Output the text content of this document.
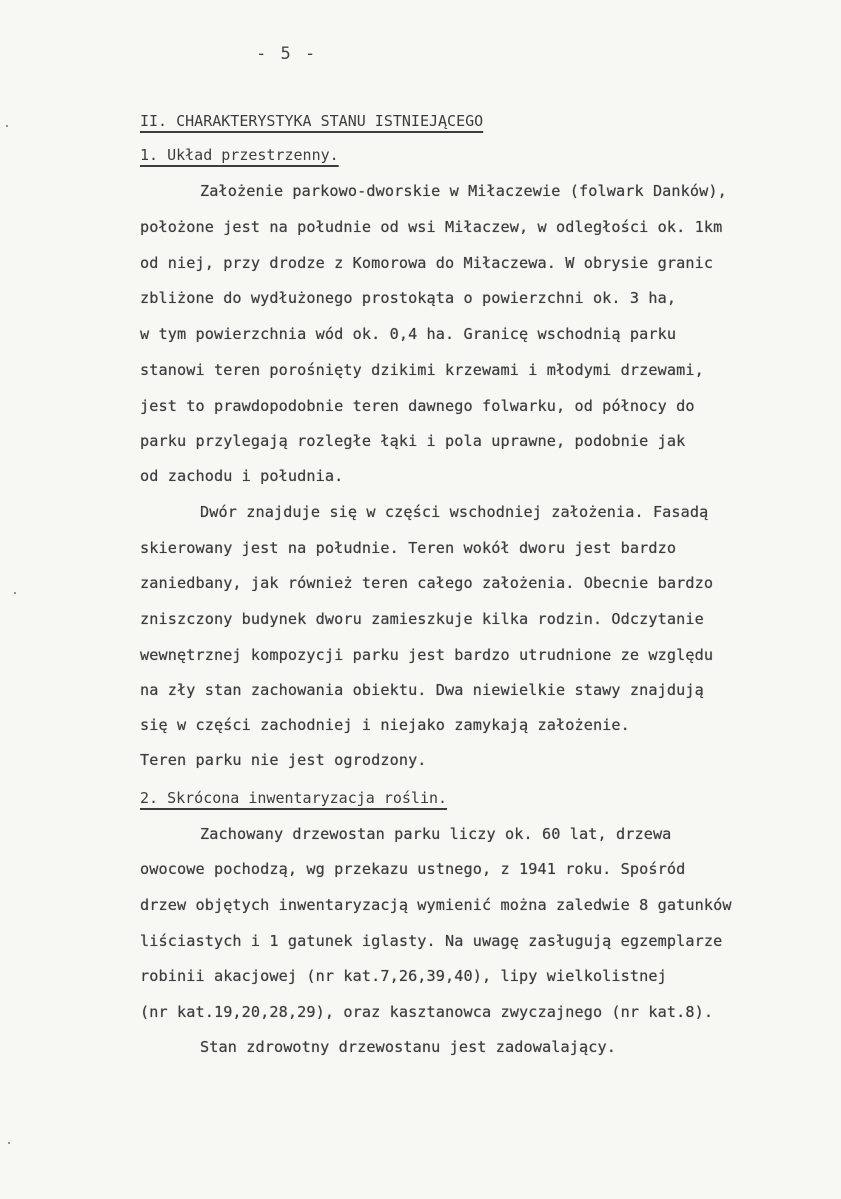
- 5 -
II. CHARAKTERYSTYKA STANU ISTNIEJĄCEGO
1. Układ przestrzenny.
Założenie parkowo-dworskie w Miłaczewie (folwark Danków),
położone jest na południe od wsi Miłaczew, w odległości ok. 1km
od niej, przy drodze z Komorowa do Miłaczewa. W obrysie granic
zbliżone do wydłużonego prostokąta o powierzchni ok. 3 ha,
w tym powierzchnia wód ok. 0,4 ha. Granicę wschodnią parku
stanowi teren porośnięty dzikimi krzewami i młodymi drzewami,
jest to prawdopodobnie teren dawnego folwarku, od północy do
parku przylegają rozległe łąki i pola uprawne, podobnie jak
od zachodu i południa.
Dwór znajduje się w części wschodniej założenia. Fasadą
skierowany jest na południe. Teren wokół dworu jest bardzo
zaniedbany, jak również teren całego założenia. Obecnie bardzo
zniszczony budynek dworu zamieszkuje kilka rodzin. Odczytanie
wewnętrznej kompozycji parku jest bardzo utrudnione ze względu
na zły stan zachowania obiektu. Dwa niewielkie stawy znajdują
się w części zachodniej i niejako zamykają założenie.
Teren parku nie jest ogrodzony.
2. Skrócona inwentaryzacja roślin.
Zachowany drzewostan parku liczy ok. 60 lat, drzewa
owocowe pochodzą, wg przekazu ustnego, z 1941 roku. Spośród
drzew objętych inwentaryzacją wymienić można zaledwie 8 gatunków
liściastych i 1 gatunek iglasty. Na uwagę zasługują egzemplarze
robinii akacjowej (nr kat.7,26,39,40), lipy wielkolistnej
(nr kat.19,20,28,29), oraz kasztanowca zwyczajnego (nr kat.8).
Stan zdrowotny drzewostanu jest zadowalający.
